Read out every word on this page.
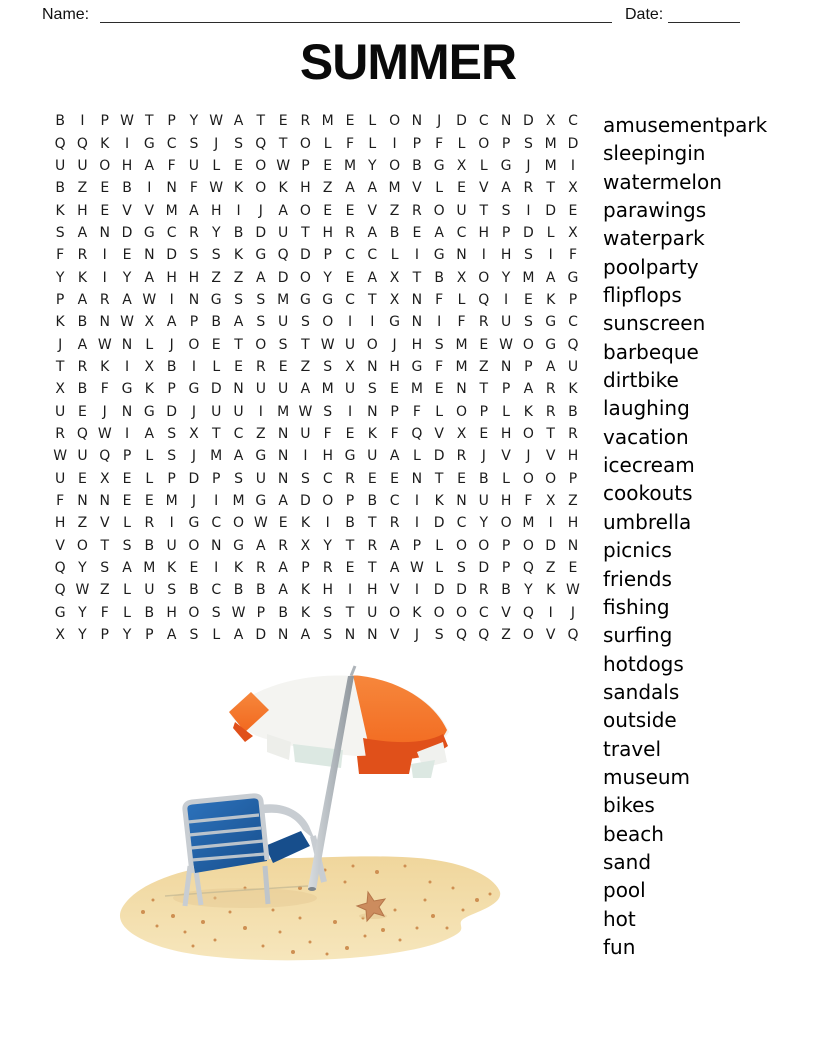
Name:	Date:
SUMMER
B	I	P W T P Y W A T E R M E L O N	J	D C N D X C
Q Q K	I	G C S	J	S Q T O L	F	L	I	P	F	L O P S M D
U U O H A F U L E O W P E M Y O B G X L G	J	M	I
B Z E B	I	N F W K O K H Z A A M V L E V A R T X
K H E V V M A H	I	J	A O E E V Z R O U T S	I	D E
S A N D G C R Y B D U T H R A B E A C H P D L X
F R	I	E N D S S K G Q D P C C L	I	G N	I	H S	I	F
Y K	I	Y A H H Z Z A D O Y E A X T B X O Y M A G
P A R A W I	N G S S M G G C T X N F	L Q	I	E K P
K B N W X A P B A S U S O	I	I	G N	I	F R U S G C
J	A W N L	J	O E T O S T W U O	J	H S M E W O G Q
T R K	I	X B	I	L E R E Z S X N H G F M Z N P A U
X B F G K P G D N U U A M U S E M E N T P A R K
U E	J	N G D	J	U U	I	M W S	I	N P	F	L O P	L K R B
R Q W I	A S X T C Z N U F E K F Q V X E H O T R
W U Q P	L S	J	M A G N	I	H G U A L D R	J	V	J	V H
U E X E L	P D P S U N S C R E E N T E B L O O P
F N N E E M	J	I	M G A D O P B C	I	K N U H F X Z
H Z V L R	I	G C O W E K	I	B T R	I	D C Y O M	I	H
V O T S B U O N G A R X Y T R A P	L O O P O D N
Q Y S A M K E	I	K R A P R E T A W L S D P Q Z E
Q W Z L U S B C B B A K H	I	H V	I	D D R B Y K W
G Y F	L B H O S W P B K S T U O K O O C V Q	I	J
X Y P Y P A S L A D N A S N N V	J	S Q Q Z O V Q
amusementpark
sleepingin
watermelon
parawings
waterpark
poolparty
flipflops
sunscreen
barbeque
dirtbike
laughing
vacation
icecream
cookouts
umbrella
picnics
friends
fishing
surfing
hotdogs
sandals
outside
travel
museum
bikes
beach
sand
pool
hot
fun
